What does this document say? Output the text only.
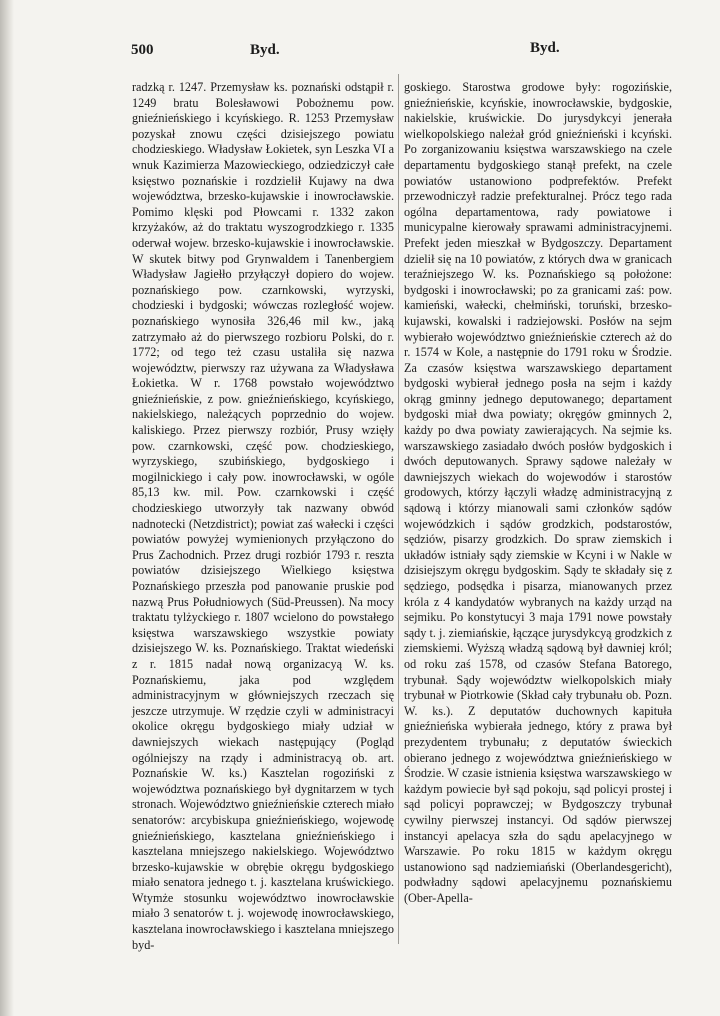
500	Byd.	Byd.

radzką r. 1247. Przemysław ks. poznański odstąpił r. 1249 bratu Bolesławowi Pobożnemu pow. gnieźnieńskiego i kcyńskiego. R. 1253 Przemysław pozyskał znowu części dzisiejszego powiatu chodzieskiego. Władysław Łokietek, syn Leszka VI a wnuk Kazimierza Mazowieckiego, odziedziczył całe księstwo poznańskie i rozdzielił Kujawy na dwa województwa, brzesko-kujawskie i inowrocławskie. Pomimo klęski pod Płowcami r. 1332 zakon krzyżaków, aż do traktatu wyszogrodzkiego r. 1335 oderwał wojew. brzesko-kujawskie i inowrocławskie. W skutek bitwy pod Grynwaldem i Tanenbergiem Władysław Jagiełło przyłączył dopiero do wojew. poznańskiego pow. czarnkowski, wyrzyski, chodzieski i bydgoski; wówczas rozległość wojew. poznańskiego wynosiła 326,46 mil kw., jaką zatrzymało aż do pierwszego rozbioru Polski, do r. 1772; od tego też czasu ustaliła się nazwa województw, pierwszy raz używana za Władysława Łokietka. W r. 1768 powstało województwo gnieźnieńskie, z pow. gnieźnieńskiego, kcyńskiego, nakielskiego, należących poprzednio do wojew. kaliskiego. Przez pierwszy rozbiór, Prusy wzięły pow. czarnkowski, część pow. chodzieskiego, wyrzyskiego, szubińskiego, bydgoskiego i mogilnickiego i cały pow. inowrocławski, w ogóle 85,13 kw. mil. Pow. czarnkowski i część chodzieskiego utworzyły tak nazwany obwód nadnotecki (Netzdistrict); powiat zaś wałecki i części powiatów powyżej wymienionych przyłączono do Prus Zachodnich. Przez drugi rozbiór 1793 r. reszta powiatów dzisiejszego Wielkiego księstwa Poznańskiego przeszła pod panowanie pruskie pod nazwą Prus Południowych (Süd-Preussen). Na mocy traktatu tylżyckiego r. 1807 wcielono do powstałego księstwa warszawskiego wszystkie powiaty dzisiejszego W. ks. Poznańskiego. Traktat wiedeński z r. 1815 nadał nową organizacyą W. ks. Poznańskiemu, jaka pod względem administracyjnym w główniejszych rzeczach się jeszcze utrzymuje. W rzędzie czyli w administracyi okolice okręgu bydgoskiego miały udział w dawniejszych wiekach następujący (Pogląd ogólniejszy na rządy i administracyą ob. art. Poznańskie W. ks.) Kasztelan rogoziński z województwa poznańskiego był dygnitarzem w tych stronach. Województwo gnieźnieńskie czterech miało senatorów: arcybiskupa gnieźnieńskiego, wojewodę gnieźnieńskiego, kasztelana gnieźnieńskiego i kasztelana mniejszego nakielskiego. Województwo brzesko-kujawskie w obrębie okręgu bydgoskiego miało senatora jednego t. j. kasztelana kruświckiego. Wtymże stosunku województwo inowrocławskie miało 3 senatorów t. j. wojewodę inowrocławskiego, kasztelana inowrocławskiego i kasztelana mniejszego byd-

goskiego. Starostwa grodowe były: rogozińskie, gnieźnieńskie, kcyńskie, inowrocławskie, bydgoskie, nakielskie, kruświckie. Do jurysdykcyi jenerała wielkopolskiego należał gród gnieźnieński i kcyński. Po zorganizowaniu księstwa warszawskiego na czele departamentu bydgoskiego stanął prefekt, na czele powiatów ustanowiono podprefektów. Prefekt przewodniczył radzie prefekturalnej. Prócz tego rada ogólna departamentowa, rady powiatowe i municypalne kierowały sprawami administracyjnemi. Prefekt jeden mieszkał w Bydgoszczy. Departament dzielił się na 10 powiatów, z których dwa w granicach teraźniejszego W. ks. Poznańskiego są położone: bydgoski i inowrocławski; po za granicami zaś: pow. kamieński, wałecki, chełmiński, toruński, brzesko-kujawski, kowalski i radziejowski. Posłów na sejm wybierało województwo gnieźnieńskie czterech aż do r. 1574 w Kole, a następnie do 1791 roku w Środzie. Za czasów księstwa warszawskiego departament bydgoski wybierał jednego posła na sejm i każdy okrąg gminny jednego deputowanego; departament bydgoski miał dwa powiaty; okręgów gminnych 2, każdy po dwa powiaty zawierających. Na sejmie ks. warszawskiego zasiadało dwóch posłów bydgoskich i dwóch deputowanych. Sprawy sądowe należały w dawniejszych wiekach do wojewodów i starostów grodowych, którzy łączyli władzę administracyjną z sądową i którzy mianowali sami członków sądów wojewódzkich i sądów grodzkich, podstarostów, sędziów, pisarzy grodzkich. Do spraw ziemskich i układów istniały sądy ziemskie w Kcyni i w Nakle w dzisiejszym okręgu bydgoskim. Sądy te składały się z sędziego, podsędka i pisarza, mianowanych przez króla z 4 kandydatów wybranych na każdy urząd na sejmiku. Po konstytucyi 3 maja 1791 nowe powstały sądy t. j. ziemiańskie, łączące jurysdykcyą grodzkich z ziemskiemi. Wyższą władzą sądową był dawniej król; od roku zaś 1578, od czasów Stefana Batorego, trybunał. Sądy województw wielkopolskich miały trybunał w Piotrkowie (Skład cały trybunału ob. Pozn. W. ks.). Z deputatów duchownych kapituła gnieźnieńska wybierała jednego, który z prawa był prezydentem trybunału; z deputatów świeckich obierano jednego z województwa gnieźnieńskiego w Środzie. W czasie istnienia księstwa warszawskiego w każdym powiecie był sąd pokoju, sąd policyi prostej i sąd policyi poprawczej; w Bydgoszczy trybunał cywilny pierwszej instancyi. Od sądów pierwszej instancyi apelacya szła do sądu apelacyjnego w Warszawie. Po roku 1815 w każdym okręgu ustanowiono sąd nadziemiański (Oberlandesgericht), podwładny sądowi apelacyjnemu poznańskiemu (Ober-Apella-
